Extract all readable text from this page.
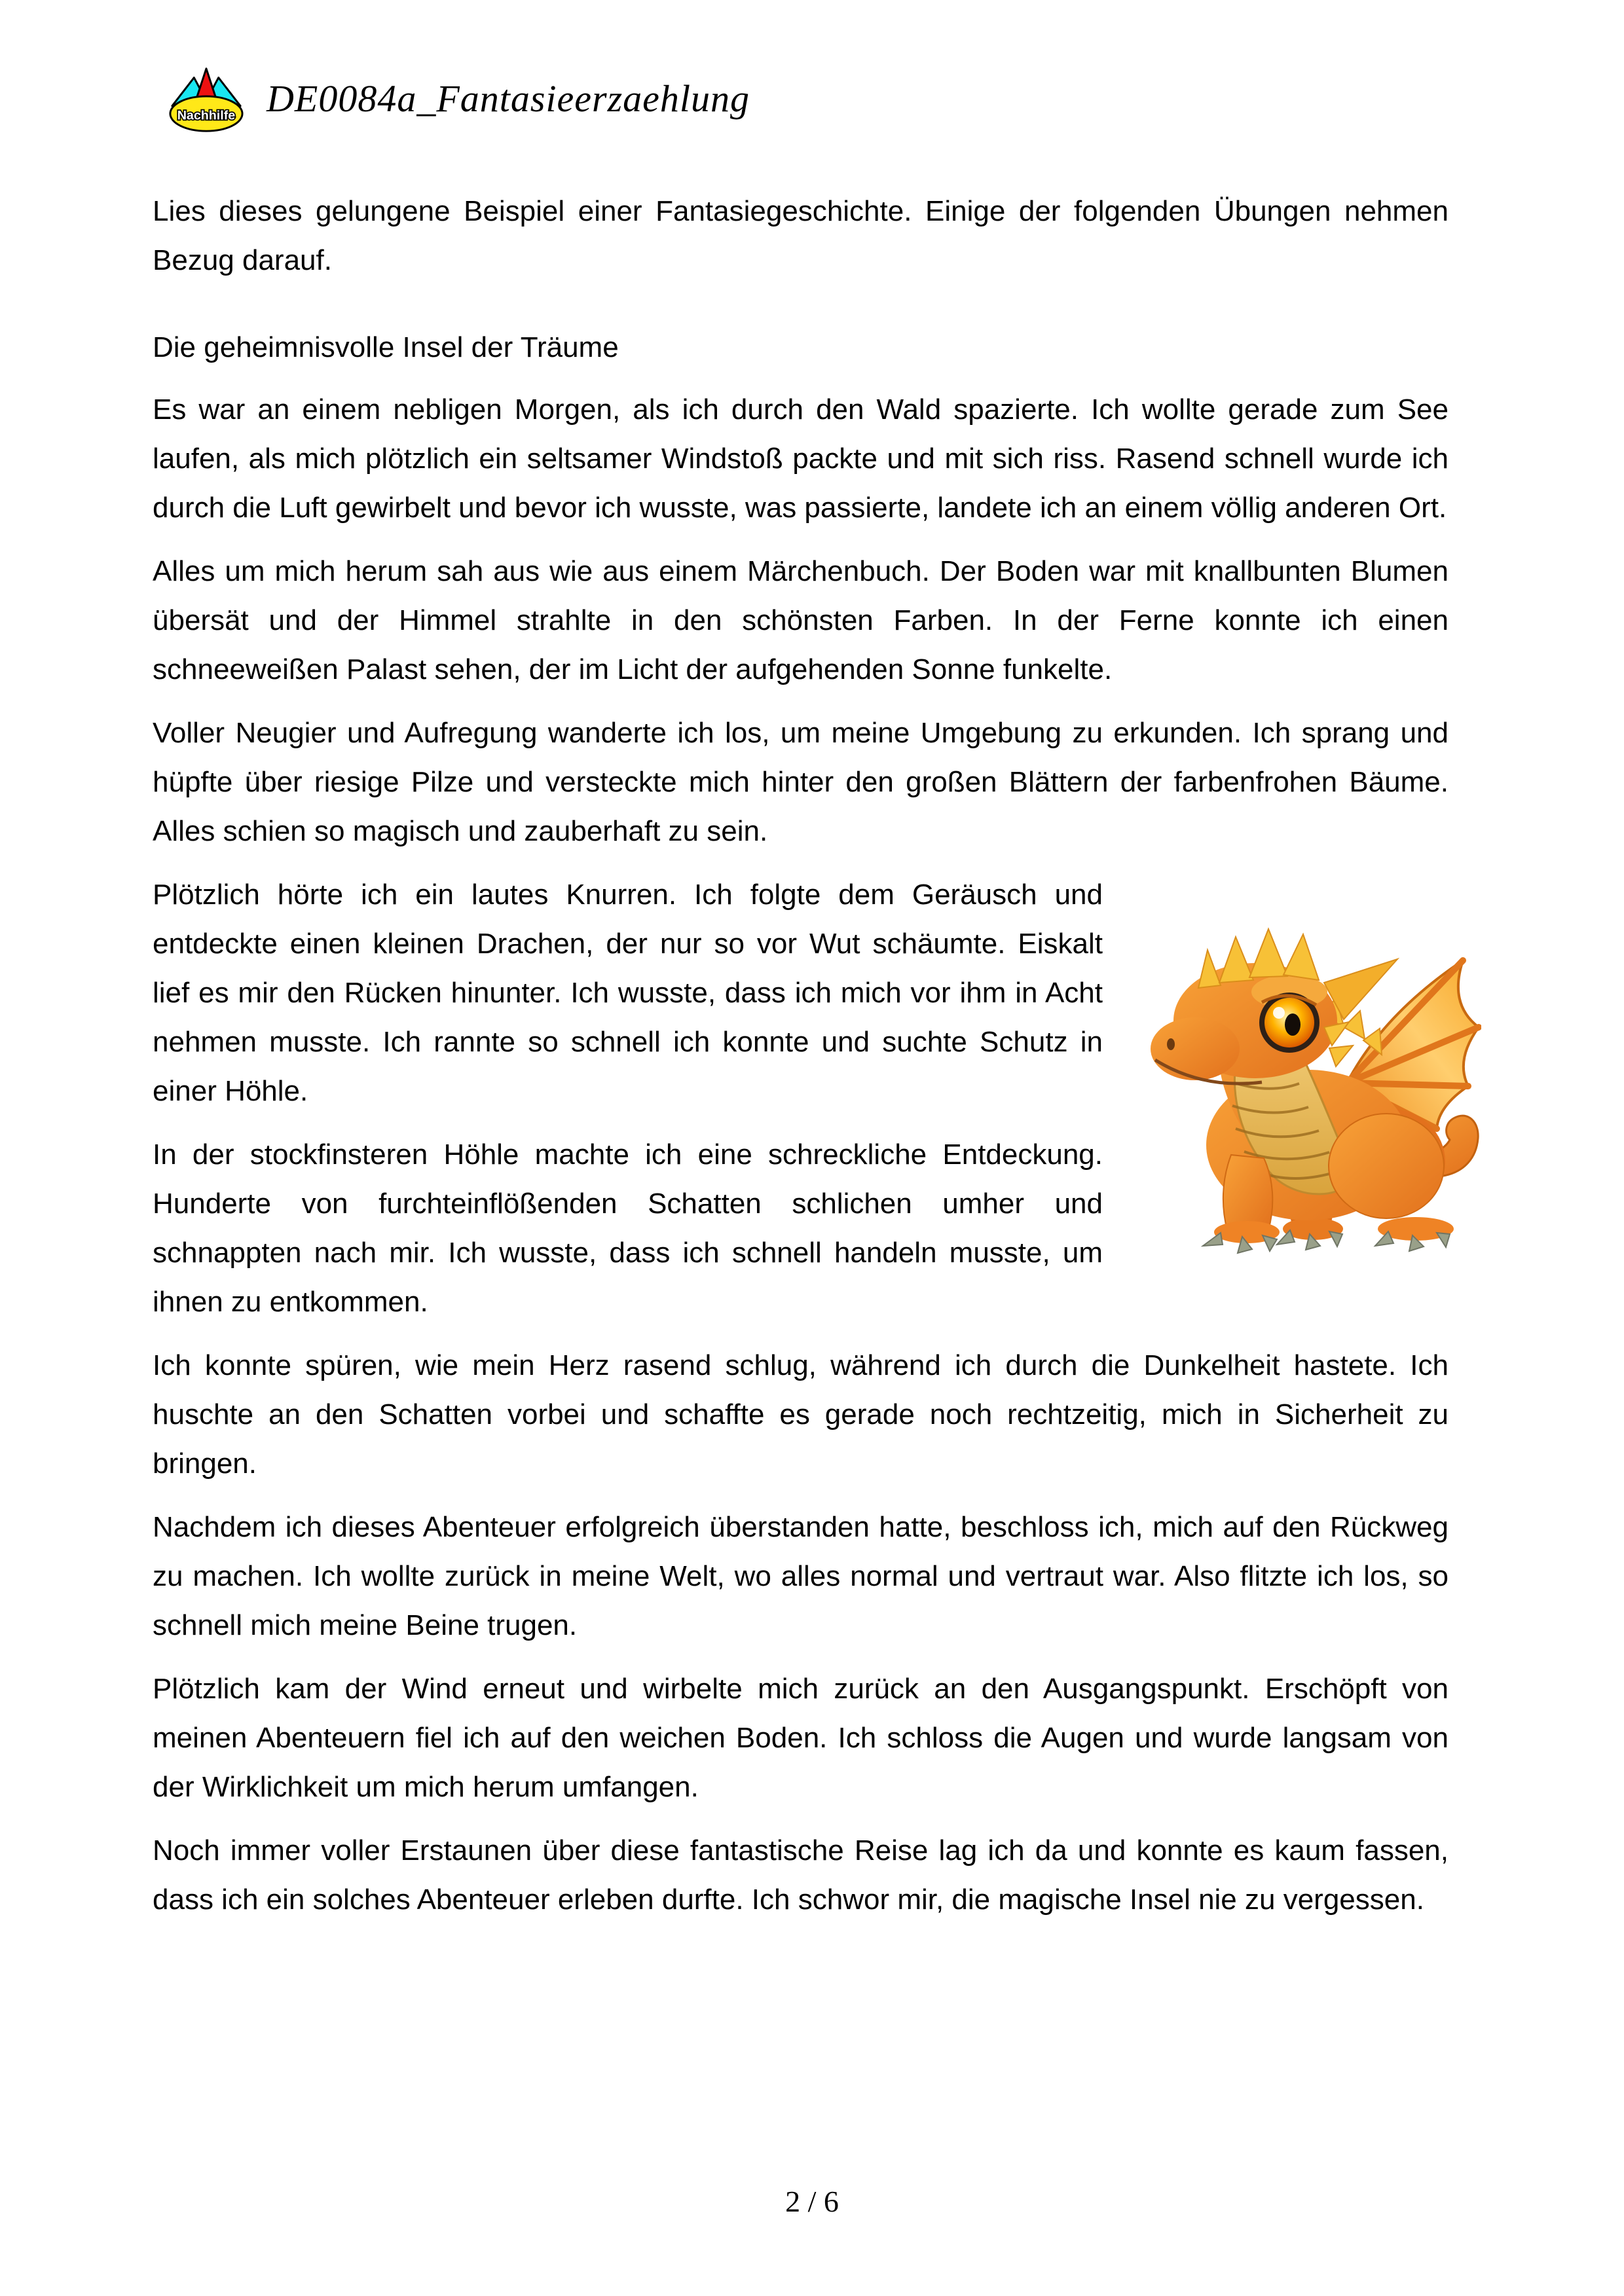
Nachhilfe DE0084a_Fantasieerzaehlung

Lies dieses gelungene Beispiel einer Fantasiegeschichte. Einige der folgenden Übungen nehmen Bezug darauf.

Die geheimnisvolle Insel der Träume

Es war an einem nebligen Morgen, als ich durch den Wald spazierte. Ich wollte gerade zum See laufen, als mich plötzlich ein seltsamer Windstoß packte und mit sich riss. Rasend schnell wurde ich durch die Luft gewirbelt und bevor ich wusste, was passierte, landete ich an einem völlig anderen Ort.

Alles um mich herum sah aus wie aus einem Märchenbuch. Der Boden war mit knallbunten Blumen übersät und der Himmel strahlte in den schönsten Farben. In der Ferne konnte ich einen schneeweißen Palast sehen, der im Licht der aufgehenden Sonne funkelte.

Voller Neugier und Aufregung wanderte ich los, um meine Umgebung zu erkunden. Ich sprang und hüpfte über riesige Pilze und versteckte mich hinter den großen Blättern der farbenfrohen Bäume. Alles schien so magisch und zauberhaft zu sein.

Plötzlich hörte ich ein lautes Knurren. Ich folgte dem Geräusch und entdeckte einen kleinen Drachen, der nur so vor Wut schäumte. Eiskalt lief es mir den Rücken hinunter. Ich wusste, dass ich mich vor ihm in Acht nehmen musste. Ich rannte so schnell ich konnte und suchte Schutz in einer Höhle.

In der stockfinsteren Höhle machte ich eine schreckliche Entdeckung. Hunderte von furchteinflößenden Schatten schlichen umher und schnappten nach mir. Ich wusste, dass ich schnell handeln musste, um ihnen zu entkommen.

Ich konnte spüren, wie mein Herz rasend schlug, während ich durch die Dunkelheit hastete. Ich huschte an den Schatten vorbei und schaffte es gerade noch rechtzeitig, mich in Sicherheit zu bringen.

Nachdem ich dieses Abenteuer erfolgreich überstanden hatte, beschloss ich, mich auf den Rückweg zu machen. Ich wollte zurück in meine Welt, wo alles normal und vertraut war. Also flitzte ich los, so schnell mich meine Beine trugen.

Plötzlich kam der Wind erneut und wirbelte mich zurück an den Ausgangspunkt. Erschöpft von meinen Abenteuern fiel ich auf den weichen Boden. Ich schloss die Augen und wurde langsam von der Wirklichkeit um mich herum umfangen.

Noch immer voller Erstaunen über diese fantastische Reise lag ich da und konnte es kaum fassen, dass ich ein solches Abenteuer erleben durfte. Ich schwor mir, die magische Insel nie zu vergessen.

2 / 6
